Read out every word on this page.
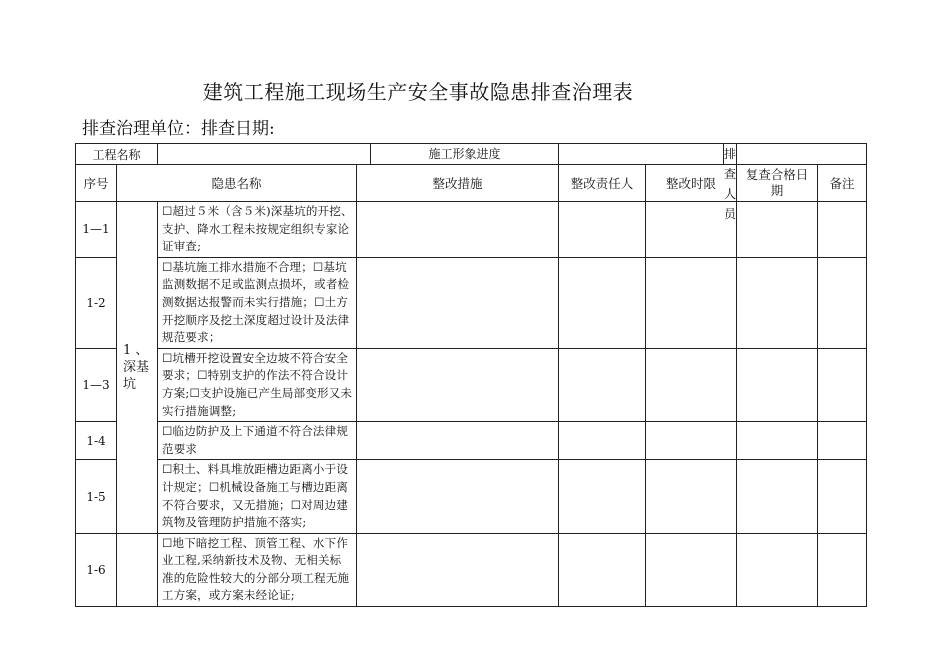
建筑工程施工现场生产安全事故隐患排查治理表
排查治理单位：排查日期:
工程名称		施工形象进度		排查人员			

序号	隐患名称		整改措施	整改责任人	整改时限	复查合格日期	备注
1—1	1 、深基坑	☐超过５米（含５米)深基坑的开挖、支护、降水工程未按规定组织专家论证审查;					
1-2		☐基坑施工排水措施不合理；☐基坑监测数据不足或监测点损坏，或者检测数据达报警而未实行措施；☐土方开挖顺序及挖土深度超过设计及法律规范要求；					
1—3		☐坑槽开挖设置安全边坡不符合安全要求；☐特别支护的作法不符合设计方案;☐支护设施已产生局部变形又未实行措施调整;					
1-4		☐临边防护及上下通道不符合法律规范要求					
1-5		☐积土、料具堆放距槽边距离小于设计规定；☐机械设备施工与槽边距离不符合要求，又无措施；☐对周边建筑物及管理防护措施不落实;					
1-6		☐地下暗挖工程、顶管工程、水下作业工程,采纳新技术及物、无相关标准的危险性较大的分部分项工程无施工方案，或方案未经论证;					
